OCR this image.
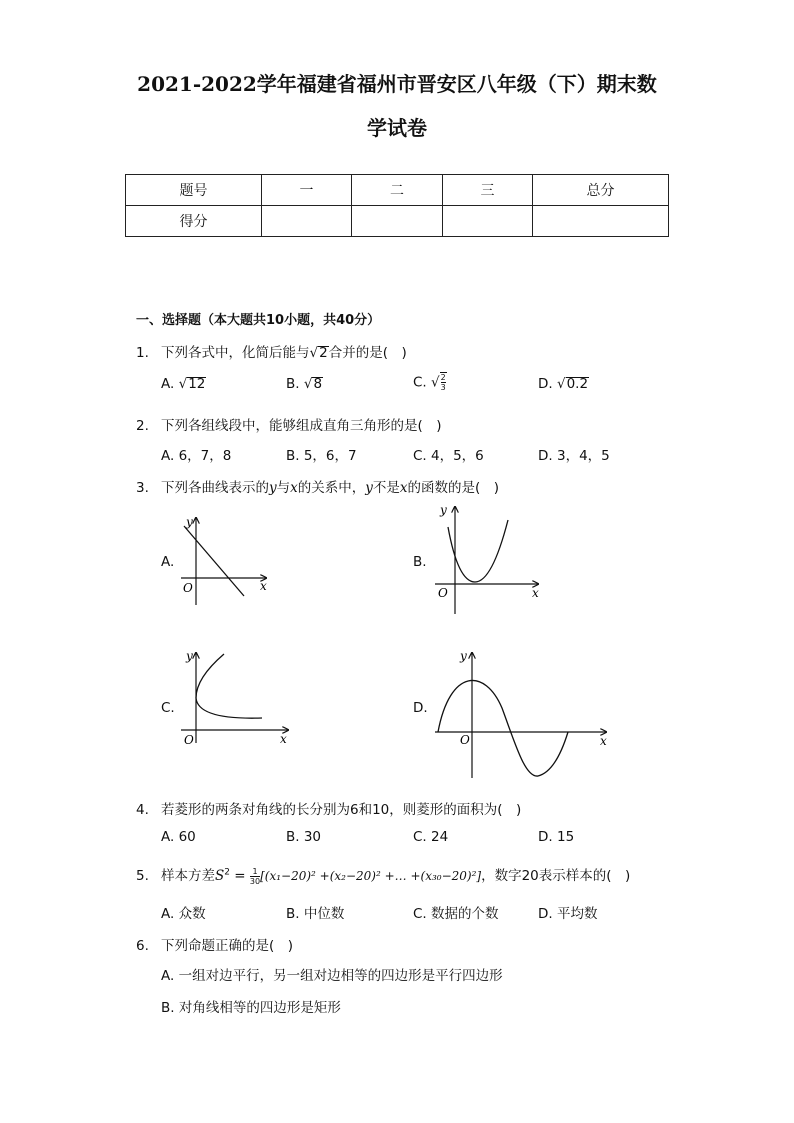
2021-2022学年福建省福州市晋安区八年级（下）期末数
学试卷
题号	一	二	三	总分
得分				
一、选择题（本大题共10小题，共40分）
1. 下列各式中，化简后能与√2合并的是(　)
A. √12	B. √8	C. √ $\frac{2}{3}$	D. √0.2
2. 下列各组线段中，能够组成直角三角形的是(　)
A. 6，7，8	B. 5，6，7	C. 4，5，6	D. 3，4，5
3. 下列各曲线表示的y与x的关系中，y不是x的函数的是(　)
A.
y
x
O
B.
y
x
O
C.
y
x
O
D.
y
x
O
4. 若菱形的两条对角线的长分别为6和10，则菱形的面积为(　)
A. 60	B. 30	C. 24	D. 15
5. 样本方差$S^2 = \frac{1}{30} [(x_1-20)^2 +(x_2-20)^2$ +… +(x₃₀−20)²]，数字20表示样本的(　)
A. 众数	B. 中位数	C. 数据的个数	D. 平均数
6. 下列命题正确的是(　)
A. 一组对边平行，另一组对边相等的四边形是平行四边形
B. 对角线相等的四边形是矩形
